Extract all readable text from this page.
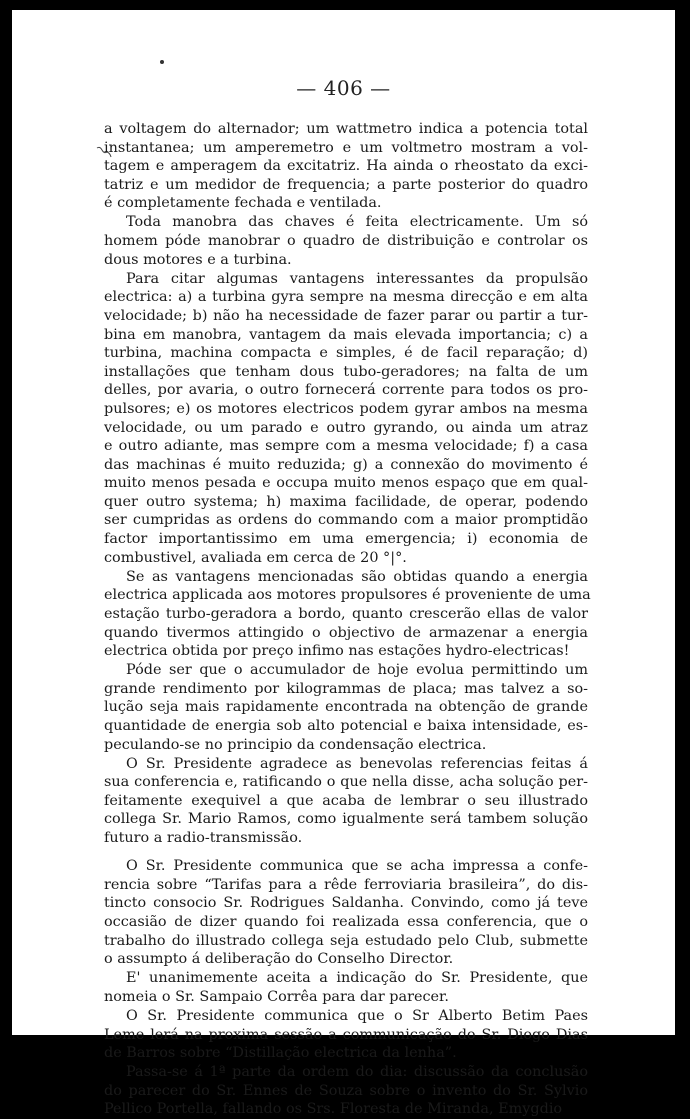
— 406 —
a voltagem do alternador; um wattmetro indica a potencia total
instantanea; um amperemetro e um voltmetro mostram a vol-
tagem e amperagem da excitatriz. Ha ainda o rheostato da exci-
tatriz e um medidor de frequencia; a parte posterior do quadro
é completamente fechada e ventilada.
Toda manobra das chaves é feita electricamente. Um só
homem póde manobrar o quadro de distribuição e controlar os
dous motores e a turbina.
Para citar algumas vantagens interessantes da propulsão
electrica: a) a turbina gyra sempre na mesma direcção e em alta
velocidade; b) não ha necessidade de fazer parar ou partir a tur-
bina em manobra, vantagem da mais elevada importancia; c) a
turbina, machina compacta e simples, é de facil reparação; d)
installações que tenham dous tubo-geradores; na falta de um
delles, por avaria, o outro fornecerá corrente para todos os pro-
pulsores; e) os motores electricos podem gyrar ambos na mesma
velocidade, ou um parado e outro gyrando, ou ainda um atraz
e outro adiante, mas sempre com a mesma velocidade; f) a casa
das machinas é muito reduzida; g) a connexão do movimento é
muito menos pesada e occupa muito menos espaço que em qual-
quer outro systema; h) maxima facilidade, de operar, podendo
ser cumpridas as ordens do commando com a maior promptidão
factor importantissimo em uma emergencia; i) economia de
combustivel, avaliada em cerca de 20 °|°.
Se as vantagens mencionadas são obtidas quando a energia
electrica applicada aos motores propulsores é proveniente de uma
estação turbo-geradora a bordo, quanto crescerão ellas de valor
quando tivermos attingido o objectivo de armazenar a energia
electrica obtida por preço infimo nas estações hydro-electricas!
Póde ser que o accumulador de hoje evolua permittindo um
grande rendimento por kilogrammas de placa; mas talvez a so-
lução seja mais rapidamente encontrada na obtenção de grande
quantidade de energia sob alto potencial e baixa intensidade, es-
peculando-se no principio da condensação electrica.
O Sr. Presidente agradece as benevolas referencias feitas á
sua conferencia e, ratificando o que nella disse, acha solução per-
feitamente exequivel a que acaba de lembrar o seu illustrado
collega Sr. Mario Ramos, como igualmente será tambem solução
futuro a radio-transmissão.
O Sr. Presidente communica que se acha impressa a confe-
rencia sobre “Tarifas para a rêde ferroviaria brasileira”, do dis-
tincto consocio Sr. Rodrigues Saldanha. Convindo, como já teve
occasião de dizer quando foi realizada essa conferencia, que o
trabalho do illustrado collega seja estudado pelo Club, submette
o assumpto á deliberação do Conselho Director.
E' unanimemente aceita a indicação do Sr. Presidente, que
nomeia o Sr. Sampaio Corrêa para dar parecer.
O Sr. Presidente communica que o Sr Alberto Betim Paes
Leme lerá na proxima sessão a communicação do Sr. Diogo Dias
de Barros sobre “Distillação electrica da lenha”.
Passa-se á 1ª parte da ordem do dia: discussão da conclusão
do parecer do Sr. Ennes de Souza sobre o invento do Sr. Sylvio
Pellico Portella, fallando os Srs. Floresta de Miranda, Emygdio
